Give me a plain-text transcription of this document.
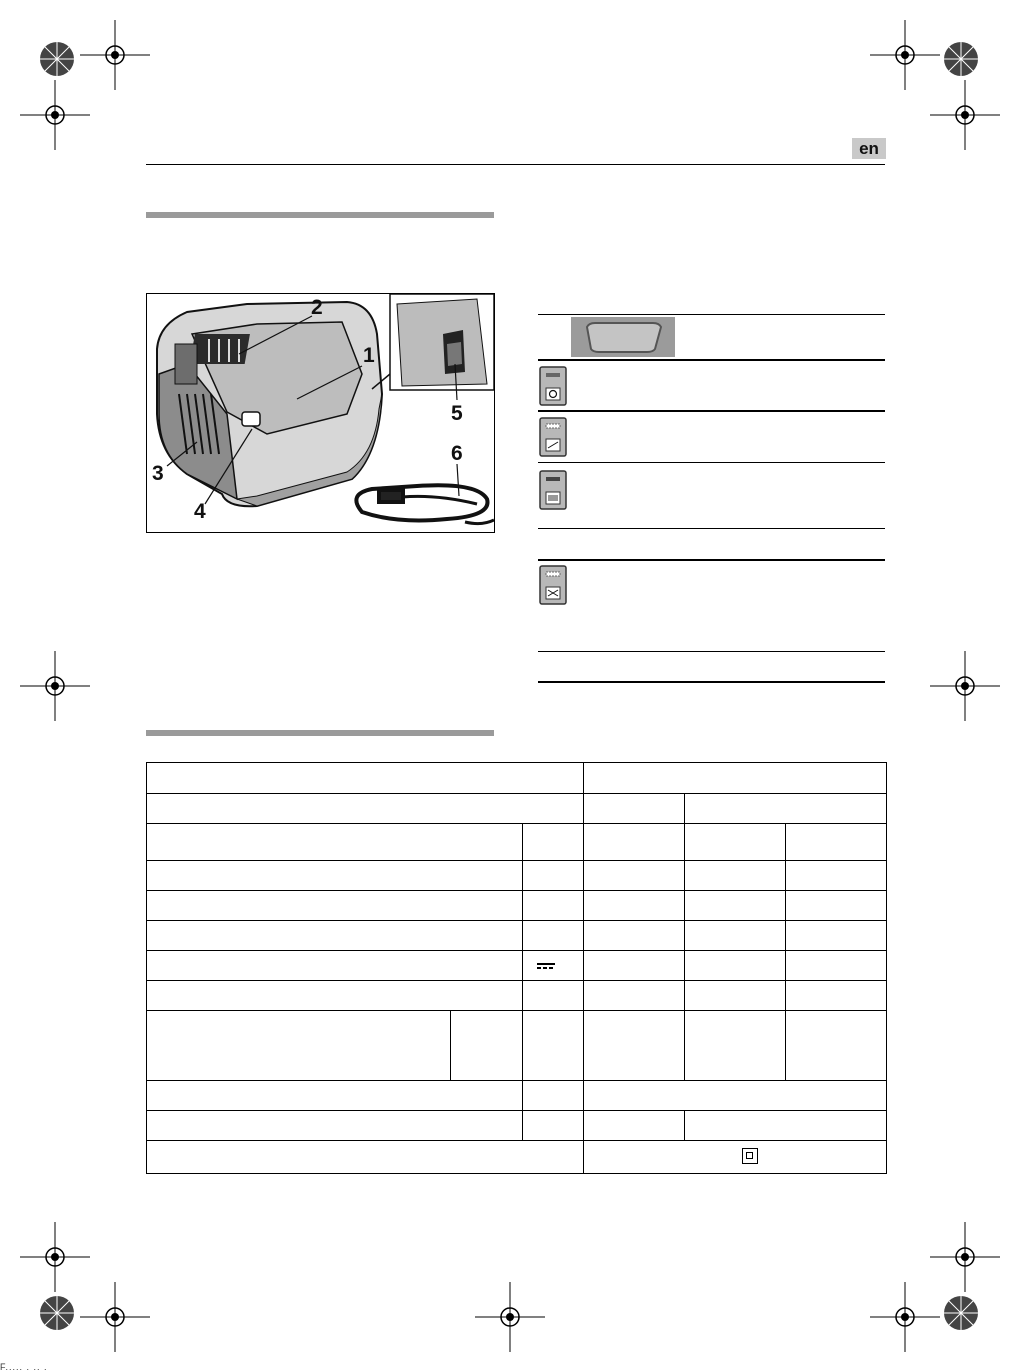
en
1
2
3
4
5
6

F..... . .. .
